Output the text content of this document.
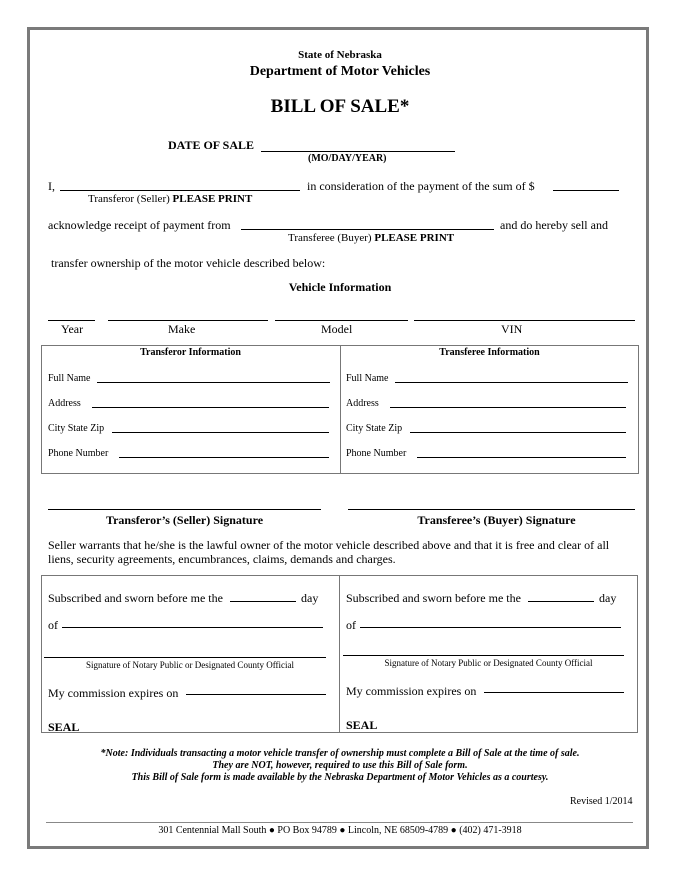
State of Nebraska
Department of Motor Vehicles
BILL OF SALE*
DATE OF SALE
(MO/DAY/YEAR)
I,
Transferor (Seller) PLEASE PRINT
in consideration of the payment of the sum of $
acknowledge receipt of payment from	and do hereby sell and
Transferee (Buyer) PLEASE PRINT
transfer ownership of the motor vehicle described below:
Vehicle Information
Year	Make	Model	VIN
Transferor Information
Full Name
Address
City State Zip
Phone Number
Transferee Information
Full Name
Address
City State Zip
Phone Number
Transferor’s (Seller) Signature	Transferee’s (Buyer) Signature
Seller warrants that he/she is the lawful owner of the motor vehicle described above and that it is free and clear of all
liens, security agreements, encumbrances, claims, demands and charges.
Subscribed and sworn before me the	day
of
Signature of Notary Public or Designated County Official
My commission expires on
SEAL
Subscribed and sworn before me the	day
of
Signature of Notary Public or Designated County Official
My commission expires on
SEAL
*Note: Individuals transacting a motor vehicle transfer of ownership must complete a Bill of Sale at the time of sale.
They are NOT, however, required to use this Bill of Sale form.
This Bill of Sale form is made available by the Nebraska Department of Motor Vehicles as a courtesy.
Revised 1/2014
301 Centennial Mall South ● PO Box 94789 ● Lincoln, NE 68509-4789 ● (402) 471-3918
